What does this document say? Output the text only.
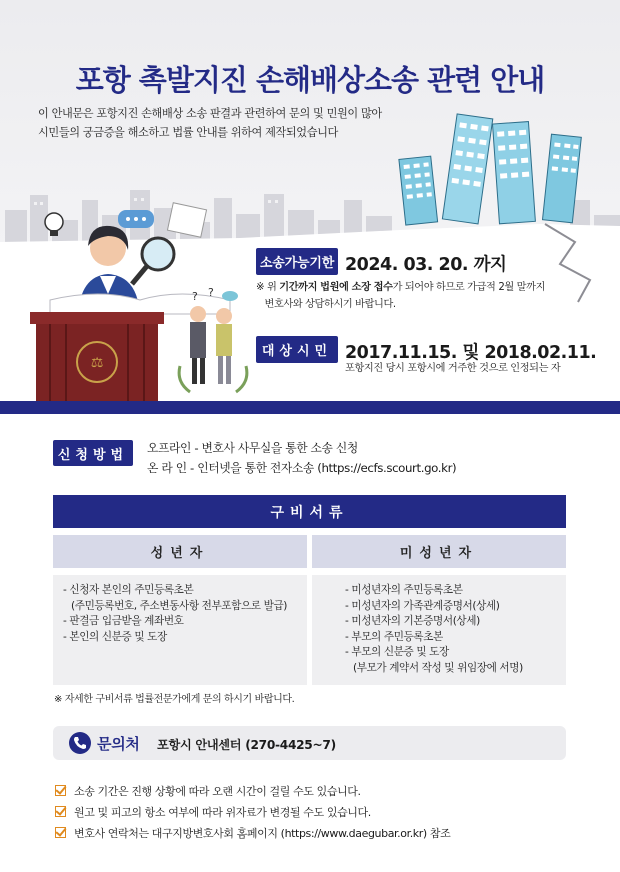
포항 촉발지진 손해배상소송 관련 안내

이 안내문은 포항지진 손해배상 소송 판결과 관련하여 문의 및 민원이 많아
시민들의 궁금증을 해소하고 법률 안내를 위하여 제작되었습니다

⚖
? ?
소송가능기한 2024. 03. 20. 까지
※ 위 기간까지 법원에 소장 접수가 되어야 하므로 가급적 2월 말까지
변호사와 상담하시기 바랍니다.
대상시민 2017.11.15. 및 2018.02.11.
포항지진 당시 포항시에 거주한 것으로 인정되는 자
신청방법	오프라인 - 변호사 사무실을 통한 소송 신청
온 라 인 - 인터넷을 통한 전자소송 (https://ecfs.scourt.go.kr)
구비서류
성년자	미성년자
- 신청자 본인의 주민등록초본
(주민등록번호, 주소변동사항 전부포함으로 발급)
- 판결금 입금받을 계좌번호
- 본인의 신분증 및 도장
- 미성년자의 주민등록초본
- 미성년자의 가족관계증명서(상세)
- 미성년자의 기본증명서(상세)
- 부모의 주민등록초본
- 부모의 신분증 및 도장
(부모가 계약서 작성 및 위임장에 서명)
※ 자세한 구비서류 법률전문가에게 문의 하시기 바랍니다.
문의처 포항시 안내센터 (270-4425~7)
소송 기간은 진행 상황에 따라 오랜 시간이 걸릴 수도 있습니다.
원고 및 피고의 항소 여부에 따라 위자료가 변경될 수도 있습니다.
변호사 연락처는 대구지방변호사회 홈페이지 (https://www.daegubar.or.kr) 참조
